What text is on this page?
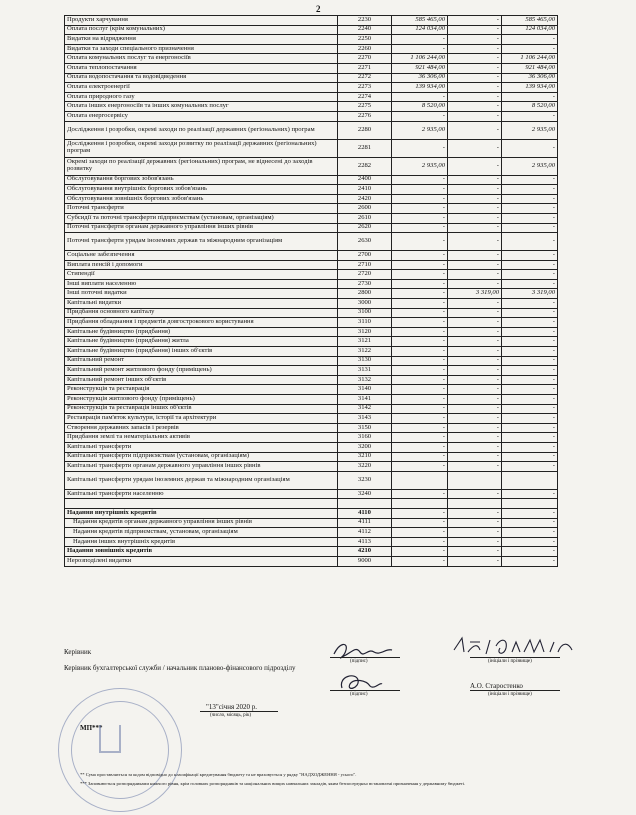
2
Продукти харчування	2230	585 465,00	-	585 465,00
Оплата послуг (крім комунальних)	2240	124 034,00	-	124 034,00
Видатки на відрядження	2250	-	-	-
Видатки та заходи спеціального призначення	2260	-	-	-
Оплата комунальних послуг та енергоносіїв	2270	1 106 244,00	-	1 106 244,00
Оплата теплопостачання	2271	921 484,00	-	921 484,00
Оплата водопостачання та водовідведення	2272	36 306,00	-	36 306,00
Оплата електроенергії	2273	139 934,00	-	139 934,00
Оплата природного газу	2274	-	-	-
Оплата інших енергоносіїв та інших комунальних послуг	2275	8 520,00	-	8 520,00
Оплата енергосервісу	2276	-	-	-
Дослідження і розробки, окремі заходи по реалізації державних (регіональних) програм	2280	2 935,00	-	2 935,00
Дослідження і розробки, окремі заходи розвитку по реалізації державних (регіональних) програм	2281	-	-	-
Окремі заходи по реалізації державних (регіональних) програм, не віднесені до заходів розвитку	2282	2 935,00	-	2 935,00
Обслуговування боргових зобов'язань	2400	-	-	-
Обслуговування внутрішніх боргових зобов'язань	2410	-	-	-
Обслуговування зовнішніх боргових зобов'язань	2420	-	-	-
Поточні трансферти	2600	-	-	-
Субсидії та поточні трансферти підприємствам (установам, організаціям)	2610	-	-	-
Поточні трансферти органам державного управління інших рівнів	2620	-	-	-
Поточні трансферти урядам іноземних держав та міжнародним організаціям	2630	-	-	-
Соціальне забезпечення	2700	-	-	-
Виплата пенсій і допомоги	2710	-	-	-
Стипендії	2720	-	-	-
Інші виплати населенню	2730	-	-	-
Інші поточні видатки	2800	-	3 319,00	3 319,00
Капітальні видатки	3000	-	-	-
Придбання основного капіталу	3100	-	-	-
Придбання обладнання і предметів довгострокового користування	3110	-	-	-
Капітальне будівництво (придбання)	3120	-	-	-
Капітальне будівництво (придбання) житла	3121	-	-	-
Капітальне будівництво (придбання) інших об'єктів	3122	-	-	-
Капітальний ремонт	3130	-	-	-
Капітальний ремонт житлового фонду (приміщень)	3131	-	-	-
Капітальний ремонт інших об'єктів	3132	-	-	-
Реконструкція та реставрація	3140	-	-	-
Реконструкція житлового фонду (приміщень)	3141	-	-	-
Реконструкція та реставрація інших об'єктів	3142	-	-	-
Реставрація пам'яток культури, історії та архітектури	3143	-	-	-
Створення державних запасів і резервів	3150	-	-	-
Придбання землі та нематеріальних активів	3160	-	-	-
Капітальні трансферти	3200	-	-	-
Капітальні трансферти підприємствам (установам, організаціям)	3210	-	-	-
Капітальні трансферти органам державного управління інших рівнів	3220	-	-	-
Капітальні трансферти урядам іноземних держав та міжнародним організаціям	3230			
Капітальні трансферти населенню	3240	-	-	-

Надання внутрішніх кредитів	4110	-	-	-
Надання кредитів органам державного управління інших рівнів	4111	-	-	-
Надання кредитів підприємствам, установам, організаціям	4112	-	-	-
Надання інших внутрішніх кредитів	4113	-	-	-
Надання зовнішніх кредитів	4210	-	-	-
Нерозподілені видатки	9000	-	-	-
Керівник
(підпис)	(ініціали і прізвище)
Керівник бухгалтерської служби / начальник планово-фінансового підрозділу
(підпис)
А.О. Старостенко
(ініціали і прізвище)
"13"січня 2020 р.
(число, місяць, рік)
МП***
** Сума проставляється за кодом відповідно до класифікації кредитування бюджету та не враховується у рядку "НАДХОДЖЕННЯ - усього".
*** Заповнюється розпорядниками нижчого рівня, крім головних розпорядників та національних вищих навчальних закладів, яким безпосередньо встановлені призначення у державному бюджеті.
